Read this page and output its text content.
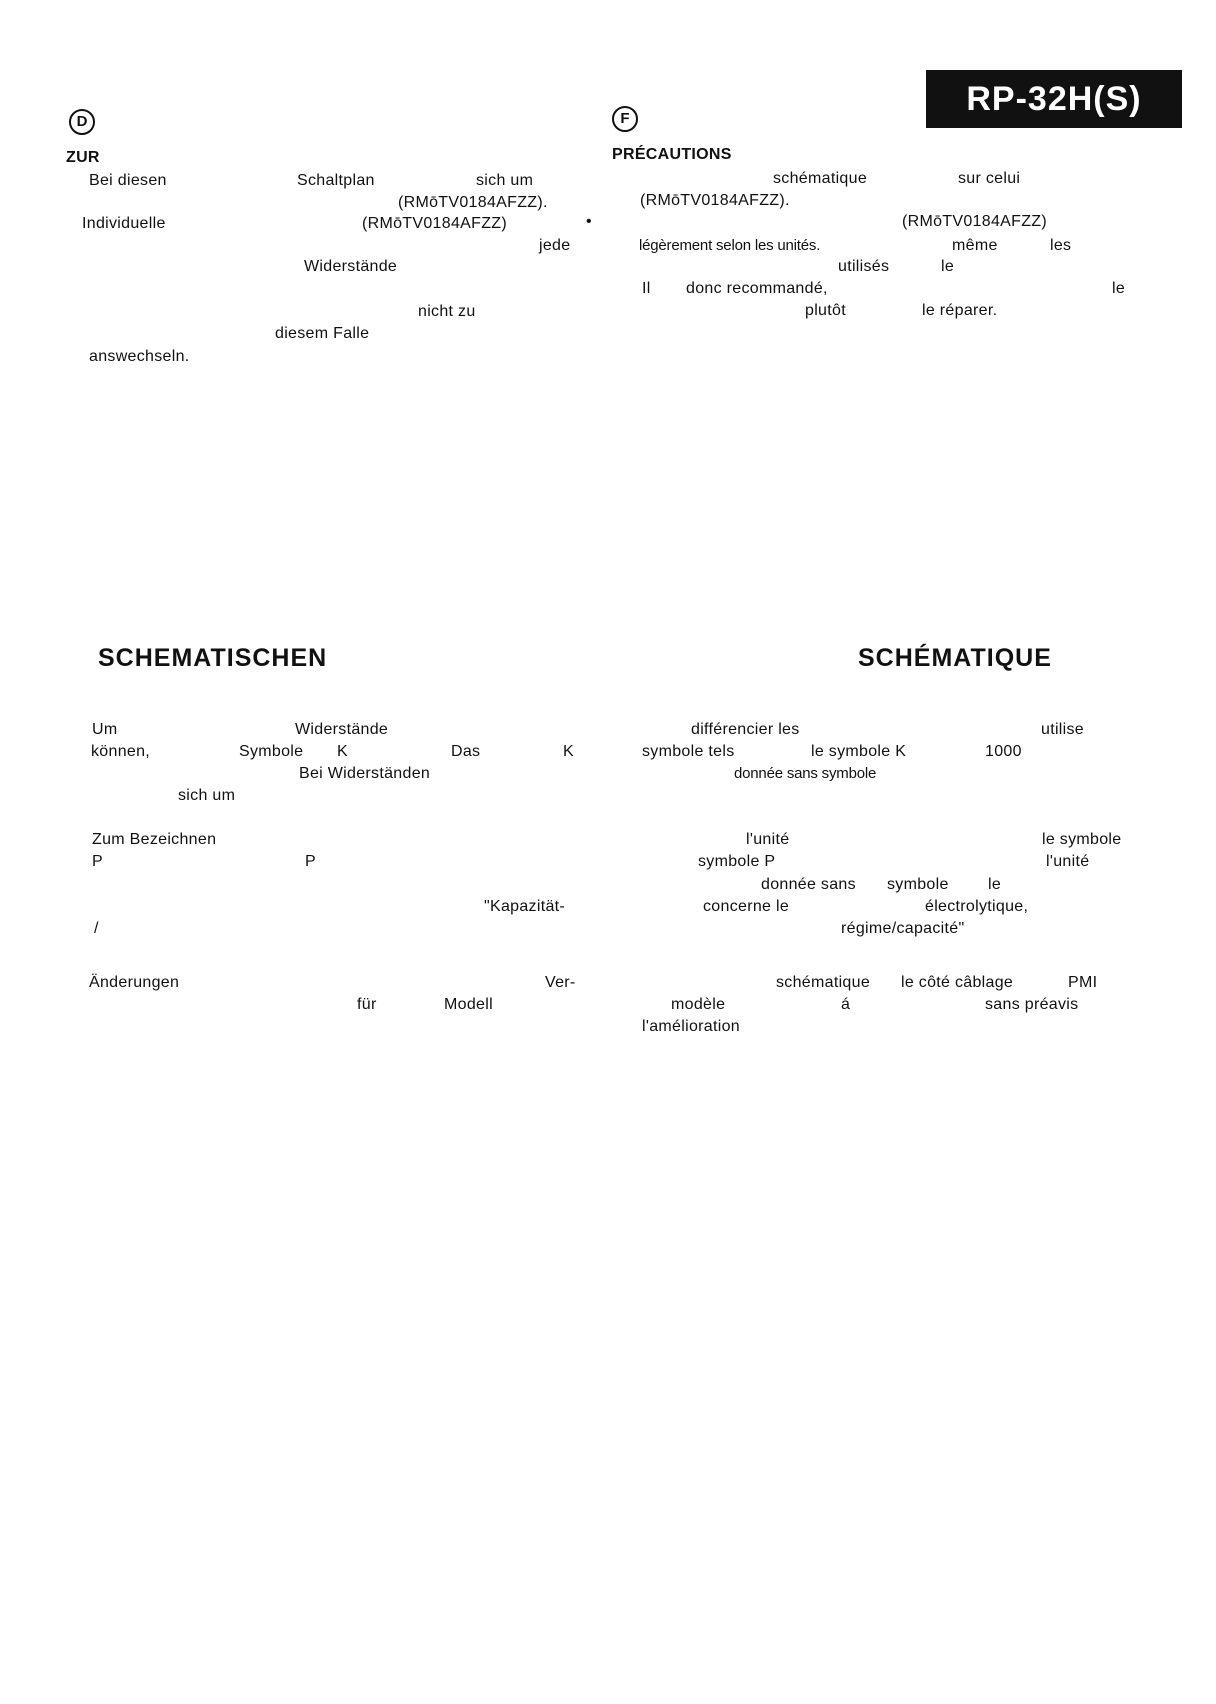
RP-32H(S)
D
ZUR
Bei diesen	Schaltplan	sich um
(RMōTV0184AFZZ).
Individuelle	(RMōTV0184AFZZ)
jede
Widerstände
nicht zu
diesem Falle
answechseln.
SCHEMATISCHEN
Um	Widerstände
können,	Symbole K	Das	K
Bei Widerständen
sich um
Zum Bezeichnen
P	P
"Kapazität-
/
Änderungen	Ver-
für	Modell
F
PRÉCAUTIONS
schématique	sur celui
(RMōTV0184AFZZ).
•	(RMōTV0184AFZZ)
légèrement selon les unités.	même	les
utilisés	le
Il donc recommandé,	le
plutôt	le réparer.
SCHÉMATIQUE
différencier les	utilise
symbole tels	le symbole K	1000
donnée sans symbole
l'unité	le symbole
symbole P	l'unité
donnée sans symbole le
concerne le	électrolytique,
régime/capacité"
schématique le côté câblage	PMI
modèle	á	sans préavis
l'amélioration
